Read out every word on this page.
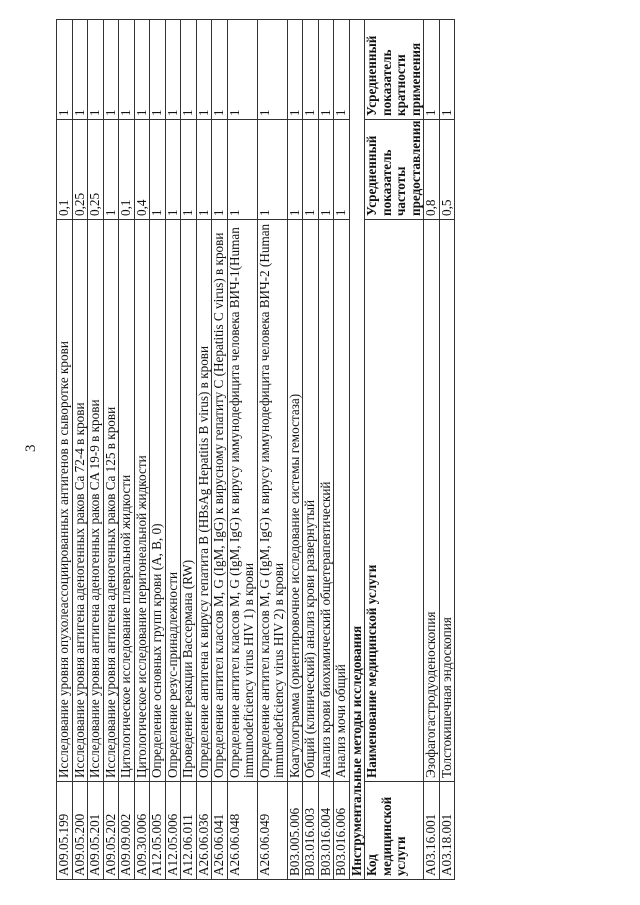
3
A09.05.199	Исследование уровня опухолеассоциированных антигенов в сыворотке крови	0,1	1
A09.05.200	Исследование уровня антигена аденогенных раков Са 72-4 в крови	0,25	1
A09.05.201	Исследование уровня антигена аденогенных раков CA 19-9 в крови	0,25	1
A09.05.202	Исследование уровня антигена аденогенных раков Са 125 в крови	1	1
A09.09.002	Цитологическое исследование плевральной жидкости	0,1	1
A09.30.006	Цитологическое исследование перитонеальной жидкости	0,4	1
A12.05.005	Определение основных групп крови (А, В, 0)	1	1
A12.05.006	Определение резус-принадлежности	1	1
A12.06.011	Проведение реакции Вассермана (RW)	1	1
A26.06.036	Определение антигена к вирусу гепатита B (HBsAg Hepatitis B virus) в крови	1	1
A26.06.041	Определение антител классов M, G (IgM, IgG) к вирусному гепатиту C (Hepatitis C virus) в крови	1	1
A26.06.048	Определение антител классов M, G (IgM, IgG) к вирусу иммунодефицита человека ВИЧ-1(Human immunodeficiency virus HIV 1) в крови	1	1
A26.06.049	Определение антител классов M, G (IgM, IgG) к вирусу иммунодефицита человека ВИЧ-2 (Human immunodeficiency virus HIV 2) в крови	1	1
B03.005.006	Коагулограмма (ориентировочное исследование системы гемостаза)	1	1
B03.016.003	Общий (клинический) анализ крови развернутый	1	1
B03.016.004	Анализ крови биохимический общетерапевтический	1	1
B03.016.006	Анализ мочи общий	1	1
Инструментальные методы исследования			
Код медицинской услуги	Наименование медицинской услуги	Усредненный показатель частоты предоставления	Усредненный показатель кратности применения
A03.16.001	Эзофагогастродуоденоскопия	0,8	1
A03.18.001	Толстокишечная эндоскопия	0,5	1
